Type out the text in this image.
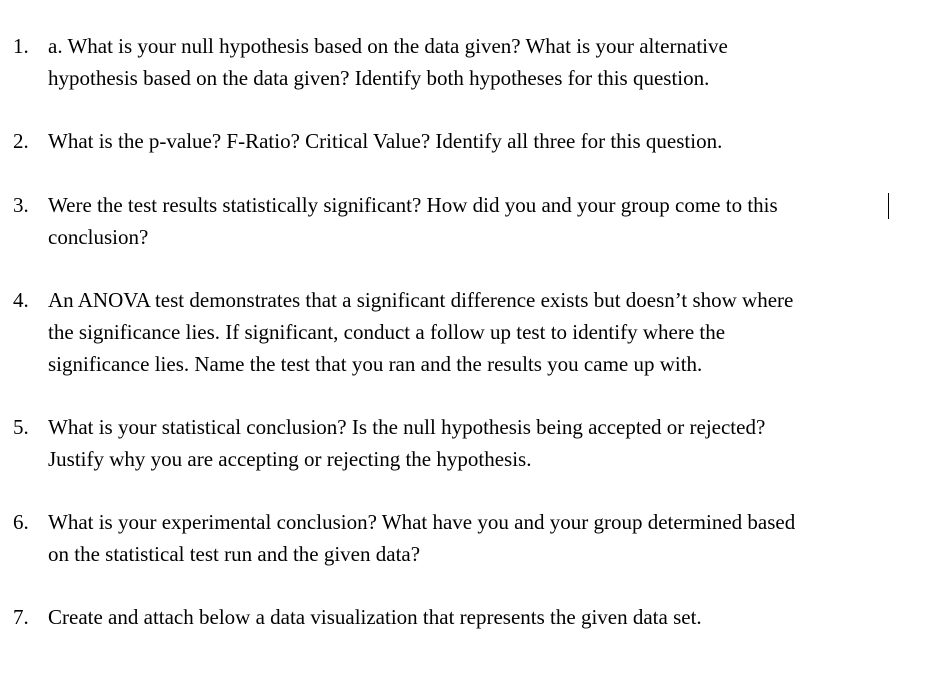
1. a. What is your null hypothesis based on the data given? What is your alternative
hypothesis based on the data given? Identify both hypotheses for this question.
2. What is the p-value? F-Ratio? Critical Value? Identify all three for this question.
3. Were the test results statistically significant? How did you and your group come to this
conclusion?
4. An ANOVA test demonstrates that a significant difference exists but doesn’t show where
the significance lies. If significant, conduct a follow up test to identify where the
significance lies. Name the test that you ran and the results you came up with.
5. What is your statistical conclusion? Is the null hypothesis being accepted or rejected?
Justify why you are accepting or rejecting the hypothesis.
6. What is your experimental conclusion? What have you and your group determined based
on the statistical test run and the given data?
7. Create and attach below a data visualization that represents the given data set.
